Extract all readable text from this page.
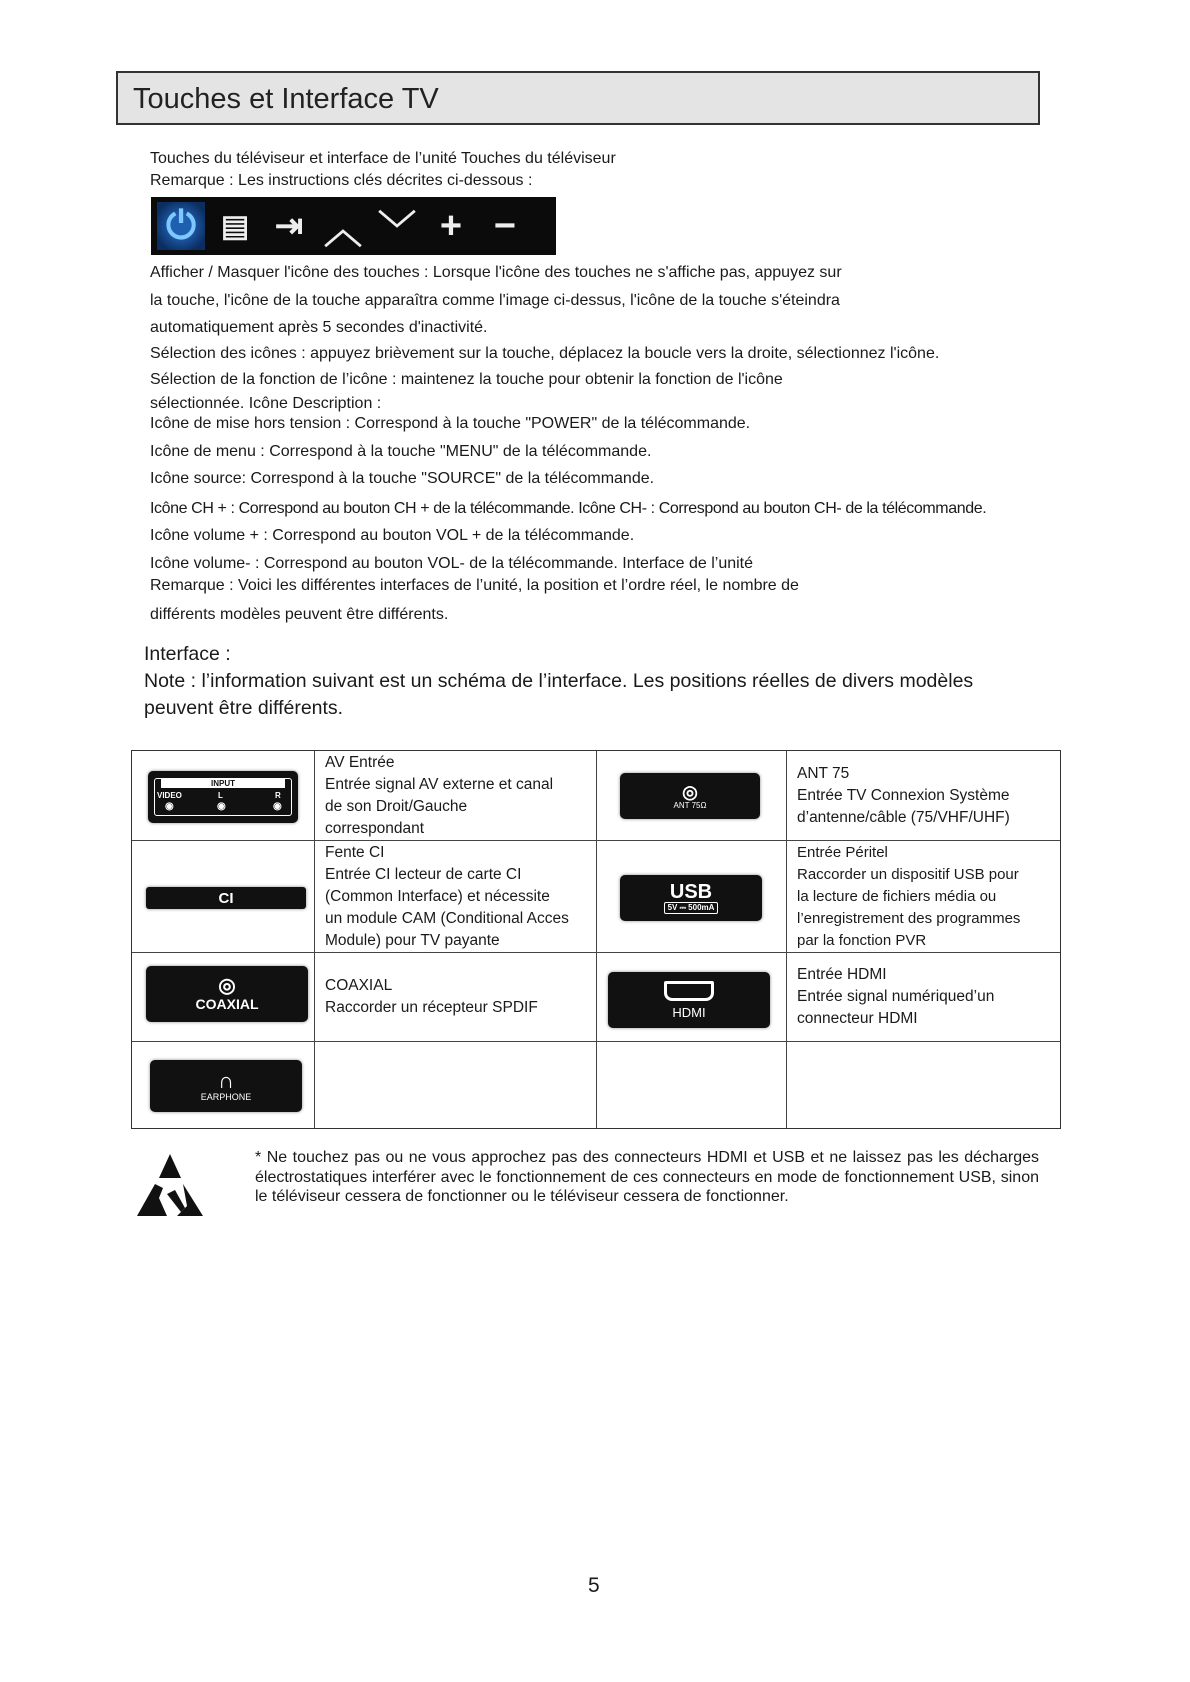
Touches et Interface TV
Touches du téléviseur et interface de l’unité Touches du téléviseur
Remarque : Les instructions clés décrites ci-dessous :
⏻ ▤ ⇥ ︿ ﹀ + −
Afficher / Masquer l'icône des touches : Lorsque l'icône des touches ne s'affiche pas, appuyez sur
la touche, l'icône de la touche apparaîtra comme l'image ci-dessus, l'icône de la touche s'éteindra
automatiquement après 5 secondes d'inactivité.
Sélection des icônes : appuyez brièvement sur la touche, déplacez la boucle vers la droite, sélectionnez l'icône.
Sélection de la fonction de l’icône : maintenez la touche pour obtenir la fonction de l'icône
sélectionnée. Icône Description :
Icône de mise hors tension : Correspond à la touche "POWER" de la télécommande.
Icône de menu : Correspond à la touche "MENU" de la télécommande.
Icône source: Correspond à la touche "SOURCE" de la télécommande.
Icône CH + : Correspond au bouton CH + de la télécommande. Icône CH- : Correspond au bouton CH- de la télécommande.
Icône volume + : Correspond au bouton VOL + de la télécommande.
Icône volume- : Correspond au bouton VOL- de la télécommande. Interface de l’unité
Remarque : Voici les différentes interfaces de l’unité, la position et l’ordre réel, le nombre de
différents modèles peuvent être différents.
Interface :
Note : l’information suivant est un schéma de l’interface. Les positions réelles de divers modèles
peuvent être différents.
INPUT
VIDEO	L	R
◉	◉	◉
AV Entrée
Entrée signal AV externe et canal
de son Droit/Gauche
correspondant
◎
ANT 75Ω
ANT 75
Entrée TV Connexion Système
d’antenne/câble (75/VHF/UHF)
CI
Fente CI
Entrée CI lecteur de carte CI
(Common Interface) et nécessite
un module CAM (Conditional Acces
Module) pour TV payante
USB
5V ⎓ 500mA
Entrée Péritel
Raccorder un dispositif USB pour
la lecture de fichiers média ou
l’enregistrement des programmes
par la fonction PVR
◎
COAXIAL
COAXIAL
Raccorder un récepteur SPDIF	HDMI
Entrée HDMI
Entrée signal numériqued’un
connecteur HDMI
∩
EARPHONE
* Ne touchez pas ou ne vous approchez pas des connecteurs HDMI et USB et ne laissez pas les décharges électrostatiques interférer avec le fonctionnement de ces connecteurs en mode de fonctionnement USB, sinon le téléviseur cessera de fonctionner ou le téléviseur cessera de fonctionner.
5
